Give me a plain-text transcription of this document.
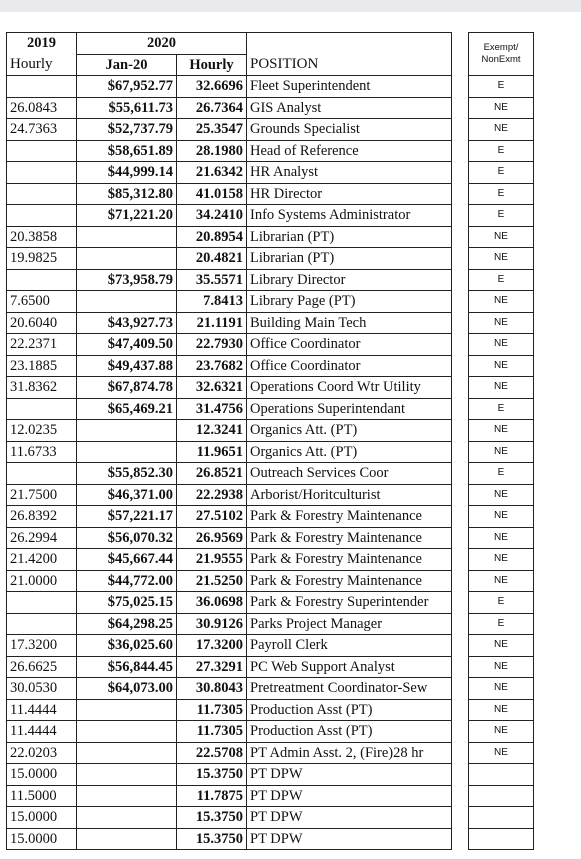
2019	2020				Exempt/
Hourly	Jan-20	Hourly	POSITION		NonExmt
	$67,952.77	32.6696	Fleet Superintendent		E
26.0843	$55,611.73	26.7364	GIS Analyst		NE
24.7363	$52,737.79	25.3547	Grounds Specialist		NE
	$58,651.89	28.1980	Head of Reference		E
	$44,999.14	21.6342	HR Analyst		E
	$85,312.80	41.0158	HR Director		E
	$71,221.20	34.2410	Info Systems Administrator		E
20.3858		20.8954	Librarian (PT)		NE
19.9825		20.4821	Librarian (PT)		NE
	$73,958.79	35.5571	Library Director		E
7.6500		7.8413	Library Page (PT)		NE
20.6040	$43,927.73	21.1191	Building Main Tech		NE
22.2371	$47,409.50	22.7930	Office Coordinator		NE
23.1885	$49,437.88	23.7682	Office Coordinator		NE
31.8362	$67,874.78	32.6321	Operations Coord Wtr Utility		NE
	$65,469.21	31.4756	Operations Superintendant		E
12.0235		12.3241	Organics Att. (PT)		NE
11.6733		11.9651	Organics Att. (PT)		NE
	$55,852.30	26.8521	Outreach Services Coor		E
21.7500	$46,371.00	22.2938	Arborist/Horitculturist		NE
26.8392	$57,221.17	27.5102	Park & Forestry Maintenance		NE
26.2994	$56,070.32	26.9569	Park & Forestry Maintenance		NE
21.4200	$45,667.44	21.9555	Park & Forestry Maintenance		NE
21.0000	$44,772.00	21.5250	Park & Forestry Maintenance		NE
	$75,025.15	36.0698	Park & Forestry Superintender		E
	$64,298.25	30.9126	Parks Project Manager		E
17.3200	$36,025.60	17.3200	Payroll Clerk		NE
26.6625	$56,844.45	27.3291	PC Web Support Analyst		NE
30.0530	$64,073.00	30.8043	Pretreatment Coordinator-Sew		NE
11.4444		11.7305	Production Asst (PT)		NE
11.4444		11.7305	Production Asst (PT)		NE
22.0203		22.5708	PT Admin Asst. 2, (Fire)28 hr		NE
15.0000		15.3750	PT DPW		
11.5000		11.7875	PT DPW		
15.0000		15.3750	PT DPW		
15.0000		15.3750	PT DPW		
